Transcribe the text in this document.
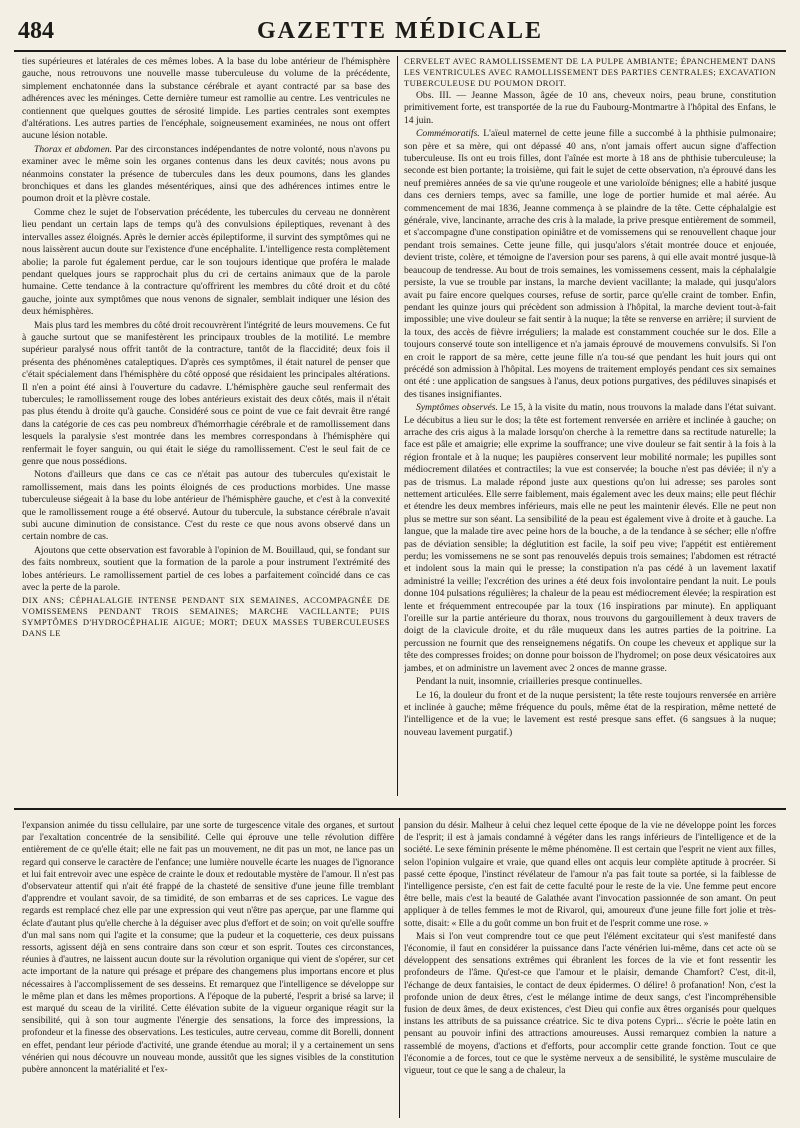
484	GAZETTE MÉDICALE

ties supérieures et latérales de ces mêmes lobes. A la base du lobe antérieur de l'hémisphère gauche, nous retrouvons une nouvelle masse tuberculeuse du volume de la précédente, simplement enchatonnée dans la substance cérébrale et ayant contracté par sa base des adhérences avec les méninges. Cette dernière tumeur est ramollie au centre. Les ventricules ne contiennent que quelques gouttes de sérosité limpide. Les parties centrales sont exemptes d'altérations. Les autres parties de l'encéphale, soigneusement examinées, ne nous ont offert aucune lésion notable.

Thorax et abdomen. Par des circonstances indépendantes de notre volonté, nous n'avons pu examiner avec le même soin les organes contenus dans les deux cavités; nous avons pu néanmoins constater la présence de tubercules dans les deux poumons, dans les glandes bronchiques et dans les glandes mésentériques, ainsi que des adhérences intimes entre le poumon droit et la plèvre costale.

Comme chez le sujet de l'observation précédente, les tubercules du cerveau ne donnèrent lieu pendant un certain laps de temps qu'à des convulsions épileptiques, revenant à des intervalles assez éloignés. Après le dernier accès épileptiforme, il survint des symptômes qui ne nous laissèrent aucun doute sur l'existence d'une encéphalite. L'intelligence resta complètement abolie; la parole fut également perdue, car le son toujours identique que proféra le malade pendant quelques jours se rapprochait plus du cri de certains animaux que de la parole humaine. Cette tendance à la contracture qu'offrirent les membres du côté droit et du côté gauche, jointe aux symptômes que nous venons de signaler, semblait indiquer une lésion des deux hémisphères.

Mais plus tard les membres du côté droit recouvrèrent l'intégrité de leurs mouvemens. Ce fut à gauche surtout que se manifestèrent les principaux troubles de la motilité. Le membre supérieur paralysé nous offrit tantôt de la contracture, tantôt de la flaccidité; deux fois il présenta des phénomènes cataleptiques. D'après ces symptômes, il était naturel de penser que c'était spécialement dans l'hémisphère du côté opposé que résidaient les principales altérations. Il n'en a point été ainsi à l'ouverture du cadavre. L'hémisphère gauche seul renfermait des tubercules; le ramollissement rouge des lobes antérieurs existait des deux côtés, mais il n'était pas plus étendu à droite qu'à gauche. Considéré sous ce point de vue ce fait devrait être rangé dans la catégorie de ces cas peu nombreux d'hémorrhagie cérébrale et de ramollissement dans lesquels la paralysie s'est montrée dans les membres correspondans à l'hémisphère qui renfermait le foyer sanguin, ou qui était le siége du ramollissement. C'est le seul fait de ce genre que nous possédions.

Notons d'ailleurs que dans ce cas ce n'était pas autour des tubercules qu'existait le ramollissement, mais dans les points éloignés de ces productions morbides. Une masse tuberculeuse siégeait à la base du lobe antérieur de l'hémisphère gauche, et c'est à la convexité que le ramollissement rouge a été observé. Autour du tubercule, la substance cérébrale n'avait subi aucune diminution de consistance. C'est du reste ce que nous avons observé dans un certain nombre de cas.

Ajoutons que cette observation est favorable à l'opinion de M. Bouillaud, qui, se fondant sur des faits nombreux, soutient que la formation de la parole a pour instrument l'extrémité des lobes antérieurs. Le ramollissement partiel de ces lobes a parfaitement coïncidé dans ce cas avec la perte de la parole.

DIX ANS; CÉPHALALGIE INTENSE PENDANT SIX SEMAINES, ACCOMPAGNÉE DE VOMISSEMENS PENDANT TROIS SEMAINES; MARCHE VACILLANTE; PUIS SYMPTÔMES D'HYDROCÉPHALIE AIGUE; MORT; DEUX MASSES TUBERCULEUSES DANS LE

CERVELET AVEC RAMOLLISSEMENT DE LA PULPE AMBIANTE; ÉPANCHEMENT DANS LES VENTRICULES AVEC RAMOLLISSEMENT DES PARTIES CENTRALES; EXCAVATION TUBERCULEUSE DU POUMON DROIT.

Obs. III. — Jeanne Masson, âgée de 10 ans, cheveux noirs, peau brune, constitution primitivement forte, est transportée de la rue du Faubourg-Montmartre à l'hôpital des Enfans, le 14 juin.

Commémoratifs. L'aïeul maternel de cette jeune fille a succombé à la phthisie pulmonaire; son père et sa mère, qui ont dépassé 40 ans, n'ont jamais offert aucun signe d'affection tuberculeuse. Ils ont eu trois filles, dont l'aînée est morte à 18 ans de phthisie tuberculeuse; la seconde est bien portante; la troisième, qui fait le sujet de cette observation, n'a éprouvé dans les neuf premières années de sa vie qu'une rougeole et une varioloïde bénignes; elle a habité jusque dans ces derniers temps, avec sa famille, une loge de portier humide et mal aérée. Au commencement de mai 1836, Jeanne commença à se plaindre de la tête. Cette céphalalgie est générale, vive, lancinante, arrache des cris à la malade, la prive presque entièrement de sommeil, et s'accompagne d'une constipation opiniâtre et de vomissemens qui se renouvellent chaque jour pendant trois semaines. Cette jeune fille, qui jusqu'alors s'était montrée douce et enjouée, devient triste, colère, et témoigne de l'aversion pour ses parens, à qui elle avait montré jusque-là beaucoup de tendresse. Au bout de trois semaines, les vomissemens cessent, mais la céphalalgie persiste, la vue se trouble par instans, la marche devient vacillante; la malade, qui jusqu'alors avait pu faire encore quelques courses, refuse de sortir, parce qu'elle craint de tomber. Enfin, pendant les quinze jours qui précèdent son admission à l'hôpital, la marche devient tout-à-fait impossible; une vive douleur se fait sentir à la nuque; la tête se renverse en arrière; il survient de la toux, des accès de fièvre irréguliers; la malade est constamment couchée sur le dos. Elle a toujours conservé toute son intelligence et n'a jamais éprouvé de mouvemens convulsifs. Si l'on en croit le rapport de sa mère, cette jeune fille n'a tou-sé que pendant les huit jours qui ont précédé son admission à l'hôpital. Les moyens de traitement employés pendant ces six semaines ont été : une application de sangsues à l'anus, deux potions purgatives, des pédiluves sinapisés et des tisanes insignifiantes.

Symptômes observés. Le 15, à la visite du matin, nous trouvons la malade dans l'état suivant. Le décubitus a lieu sur le dos; la tête est fortement renversée en arrière et inclinée à gauche; on arrache des cris aigus à la malade lorsqu'on cherche à la remettre dans sa rectitude naturelle; la face est pâle et amaigrie; elle exprime la souffrance; une vive douleur se fait sentir à la fois à la région frontale et à la nuque; les paupières conservent leur mobilité normale; les pupilles sont médiocrement dilatées et contractiles; la vue est conservée; la bouche n'est pas déviée; il n'y a pas de trismus. La malade répond juste aux questions qu'on lui adresse; ses paroles sont nettement articulées. Elle serre faiblement, mais également avec les deux mains; elle peut fléchir et étendre les deux membres inférieurs, mais elle ne peut les maintenir élevés. Elle ne peut non plus se mettre sur son séant. La sensibilité de la peau est également vive à droite et à gauche. La langue, que la malade tire avec peine hors de la bouche, a de la tendance à se sécher; elle n'offre pas de déviation sensible; la déglutition est facile, la soif peu vive; l'appétit est entièrement perdu; les vomissemens ne se sont pas renouvelés depuis trois semaines; l'abdomen est rétracté et indolent sous la main qui le presse; la constipation n'a pas cédé à un lavement laxatif administré la veille; l'excrétion des urines a été deux fois involontaire pendant la nuit. Le pouls donne 104 pulsations régulières; la chaleur de la peau est médiocrement élevée; la respiration est lente et fréquemment entrecoupée par la toux (16 inspirations par minute). En appliquant l'oreille sur la partie antérieure du thorax, nous trouvons du gargouillement à deux travers de doigt de la clavicule droite, et du râle muqueux dans les autres parties de la poitrine. La percussion ne fournit que des renseignemens négatifs. On coupe les cheveux et applique sur la tête des compresses froides; on donne pour boisson de l'hydromel; on pose deux vésicatoires aux jambes, et on administre un lavement avec 2 onces de manne grasse.

Pendant la nuit, insomnie, criailleries presque continuelles.

Le 16, la douleur du front et de la nuque persistent; la tête reste toujours renversée en arrière et inclinée à gauche; même fréquence du pouls, même état de la respiration, même netteté de l'intelligence et de la vue; le lavement est resté presque sans effet. (6 sangsues à la nuque; nouveau lavement purgatif.)

l'expansion animée du tissu cellulaire, par une sorte de turgescence vitale des organes, et surtout par l'exaltation concentrée de la sensibilité. Celle qui éprouve une telle révolution diffère entièrement de ce qu'elle était; elle ne fait pas un mouvement, ne dit pas un mot, ne lance pas un regard qui conserve le caractère de l'enfance; une lumière nouvelle écarte les nuages de l'ignorance et lui fait entrevoir avec une espèce de crainte le doux et redoutable mystère de l'amour. Il n'est pas d'observateur attentif qui n'ait été frappé de la chasteté de sensitive d'une jeune fille tremblant d'apprendre et voulant savoir, de sa timidité, de son embarras et de ses caprices. Le vague des regards est remplacé chez elle par une expression qui veut n'être pas aperçue, par une flamme qui éclate d'autant plus qu'elle cherche à la déguiser avec plus d'effort et de soin; on voit qu'elle souffre d'un mal sans nom qui l'agite et la consume; que la pudeur et la coquetterie, ces deux puissans ressorts, agissent déjà en sens contraire dans son cœur et son esprit. Toutes ces circonstances, réunies à d'autres, ne laissent aucun doute sur la révolution organique qui vient de s'opérer, sur cet acte important de la nature qui présage et prépare des changemens plus importans encore et plus nécessaires à l'accomplissement de ses desseins. Et remarquez que l'intelligence se développe sur le même plan et dans les mêmes proportions. A l'époque de la puberté, l'esprit a brisé sa larve; il est marqué du sceau de la virilité. Cette élévation subite de la vigueur organique réagit sur la sensibilité, qui à son tour augmente l'énergie des sensations, la force des impressions, la profondeur et la finesse des observations. Les testicules, autre cerveau, comme dit Borelli, donnent en effet, pendant leur période d'activité, une grande étendue au moral; il y a certainement un sens vénérien qui nous découvre un nouveau monde, aussitôt que les signes visibles de la constitution pubère annoncent la matérialité et l'ex-

pansion du désir. Malheur à celui chez lequel cette époque de la vie ne développe point les forces de l'esprit; il est à jamais condamné à végéter dans les rangs inférieurs de l'intelligence et de la société. Le sexe féminin présente le même phénomène. Il est certain que l'esprit ne vient aux filles, selon l'opinion vulgaire et vraie, que quand elles ont acquis leur complète aptitude à procréer. Si passé cette époque, l'instinct révélateur de l'amour n'a pas fait toute sa portée, si la faiblesse de l'intelligence persiste, c'en est fait de cette faculté pour le reste de la vie. Une femme peut encore être belle, mais c'est la beauté de Galathée avant l'invocation passionnée de son amant. On peut appliquer à de telles femmes le mot de Rivarol, qui, amoureux d'une jeune fille fort jolie et très-sotte, disait: « Elle a du goût comme un bon fruit et de l'esprit comme une rose. »

Mais si l'on veut comprendre tout ce que peut l'élément excitateur qui s'est manifesté dans l'économie, il faut en considérer la puissance dans l'acte vénérien lui-même, dans cet acte où se développent des sensations extrêmes qui ébranlent les forces de la vie et font ressentir les profondeurs de l'âme. Qu'est-ce que l'amour et le plaisir, demande Chamfort? C'est, dit-il, l'échange de deux fantaisies, le contact de deux épidermes. O délire! ô profanation! Non, c'est la profonde union de deux êtres, c'est le mélange intime de deux sangs, c'est l'incompréhensible fusion de deux âmes, de deux existences, c'est Dieu qui confie aux êtres organisés pour quelques instans les attributs de sa puissance créatrice. Sic te diva potens Cypri... s'écrie le poète latin en pensant au pouvoir infini des attractions amoureuses. Aussi remarquez combien la nature a rassemblé de moyens, d'actions et d'efforts, pour accomplir cette grande fonction. Tout ce que l'économie a de forces, tout ce que le système nerveux a de sensibilité, le système musculaire de vigueur, tout ce que le sang a de chaleur, la
